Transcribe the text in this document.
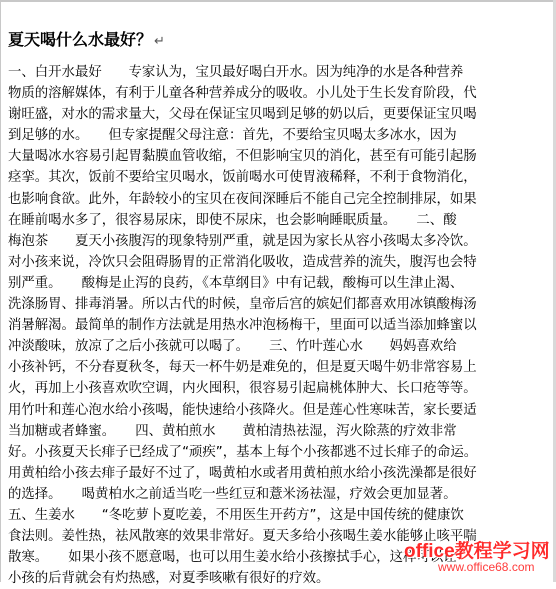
夏天喝什么水最好？ ↵
一、白开水最好　　专家认为，宝贝最好喝白开水。因为纯净的水是各种营养
物质的溶解媒体，有利于儿童各种营养成分的吸收。小儿处于生长发育阶段，代
谢旺盛，对水的需求量大，父母在保证宝贝喝到足够的奶以后，更要保证宝贝喝
到足够的水。　　但专家提醒父母注意：首先，不要给宝贝喝太多冰水，因为
大量喝冰水容易引起胃黏膜血管收缩，不但影响宝贝的消化，甚至有可能引起肠
痉挛。其次，饭前不要给宝贝喝水，饭前喝水可使胃液稀释，不利于食物消化，
也影响食欲。此外，年龄较小的宝贝在夜间深睡后不能自己完全控制排尿，如果
在睡前喝水多了，很容易尿床，即使不尿床，也会影响睡眠质量。　　二、酸
梅泡茶　　夏天小孩腹泻的现象特别严重，就是因为家长从容小孩喝太多冷饮。
对小孩来说，冷饮只会阻碍肠胃的正常消化吸收，造成营养的流失，腹泻也会特
别严重。　　酸梅是止泻的良药，《本草纲目》中有记载，酸梅可以生津止渴、
洗涤肠胃、排毒消暑。所以古代的时候，皇帝后宫的嫔妃们都喜欢用冰镇酸梅汤
消暑解渴。最简单的制作方法就是用热水冲泡杨梅干，里面可以适当添加蜂蜜以
冲淡酸味，放凉了之后小孩就可以喝了。　　三、竹叶莲心水　　妈妈喜欢给
小孩补钙，不分春夏秋冬，每天一杯牛奶是难免的，但是夏天喝牛奶非常容易上
火，再加上小孩喜欢吹空调，内火囤积，很容易引起扁桃体肿大、长口疮等等。
用竹叶和莲心泡水给小孩喝，能快速给小孩降火。但是莲心性寒味苦，家长要适
当加糖或者蜂蜜。　　四、黄柏煎水　　黄柏清热祛湿，泻火除蒸的疗效非常
好。小孩夏天长痱子已经成了“顽疾”，基本上每个小孩都逃不过长痱子的命运。
用黄柏给小孩去痱子最好不过了，喝黄柏水或者用黄柏煎水给小孩洗澡都是很好
的选择。　　喝黄柏水之前适当吃一些红豆和薏米汤祛湿，疗效会更加显著。
五、生姜水　　“冬吃萝卜夏吃姜，不用医生开药方”，这是中国传统的健康饮
食法则。姜性热，祛风散寒的效果非常好。夏天多给小孩喝生姜水能够止咳平喘
散寒。　　如果小孩不愿意喝，也可以用生姜水给小孩擦拭手心，这样可以让
小孩的后背就会有灼热感，对夏季咳嗽有很好的疗效。
office教程学习网
www.office68.com
